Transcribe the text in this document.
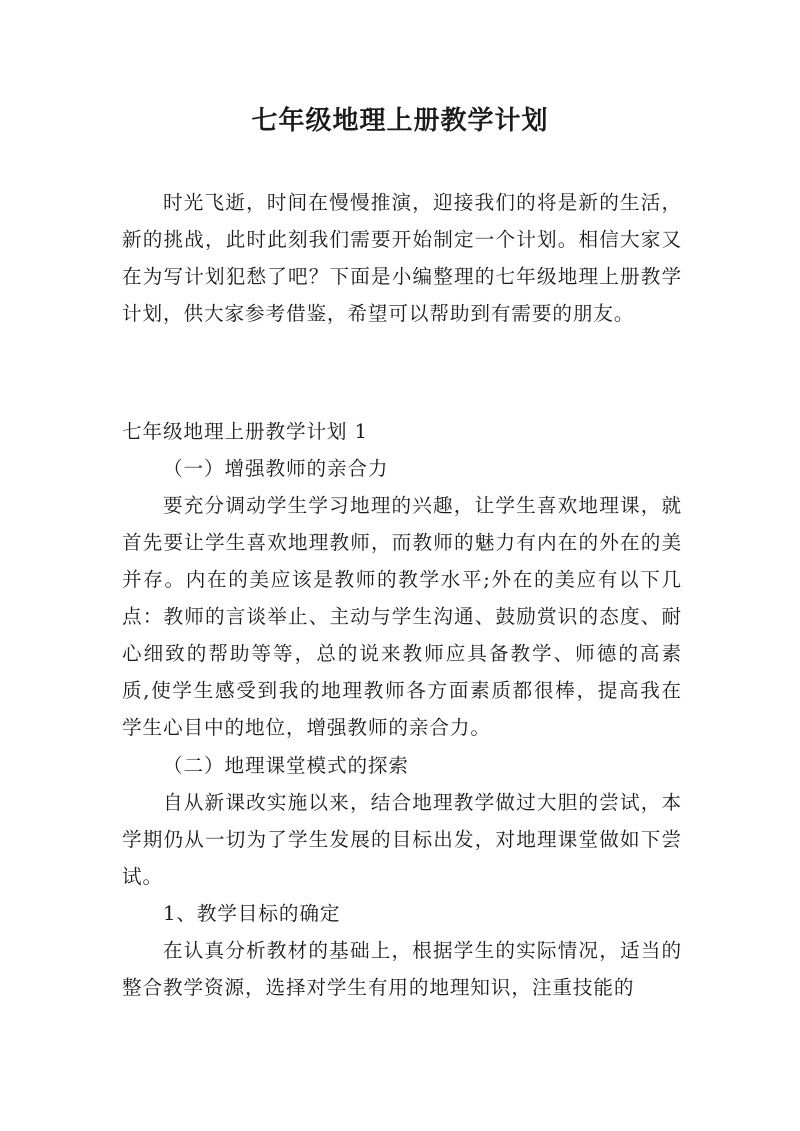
七年级地理上册教学计划

时光飞逝，时间在慢慢推演，迎接我们的将是新的生活，新的挑战，此时此刻我们需要开始制定一个计划。相信大家又在为写计划犯愁了吧？下面是小编整理的七年级地理上册教学计划，供大家参考借鉴，希望可以帮助到有需要的朋友。

七年级地理上册教学计划 1

（一）增强教师的亲合力

要充分调动学生学习地理的兴趣，让学生喜欢地理课，就首先要让学生喜欢地理教师，而教师的魅力有内在的外在的美并存。内在的美应该是教师的教学水平;外在的美应有以下几点：教师的言谈举止、主动与学生沟通、鼓励赏识的态度、耐心细致的帮助等等，总的说来教师应具备教学、师德的高素质,使学生感受到我的地理教师各方面素质都很棒，提高我在学生心目中的地位，增强教师的亲合力。

（二）地理课堂模式的探索

自从新课改实施以来，结合地理教学做过大胆的尝试，本学期仍从一切为了学生发展的目标出发，对地理课堂做如下尝试。

1、教学目标的确定

在认真分析教材的基础上，根据学生的实际情况，适当的整合教学资源，选择对学生有用的地理知识，注重技能的
